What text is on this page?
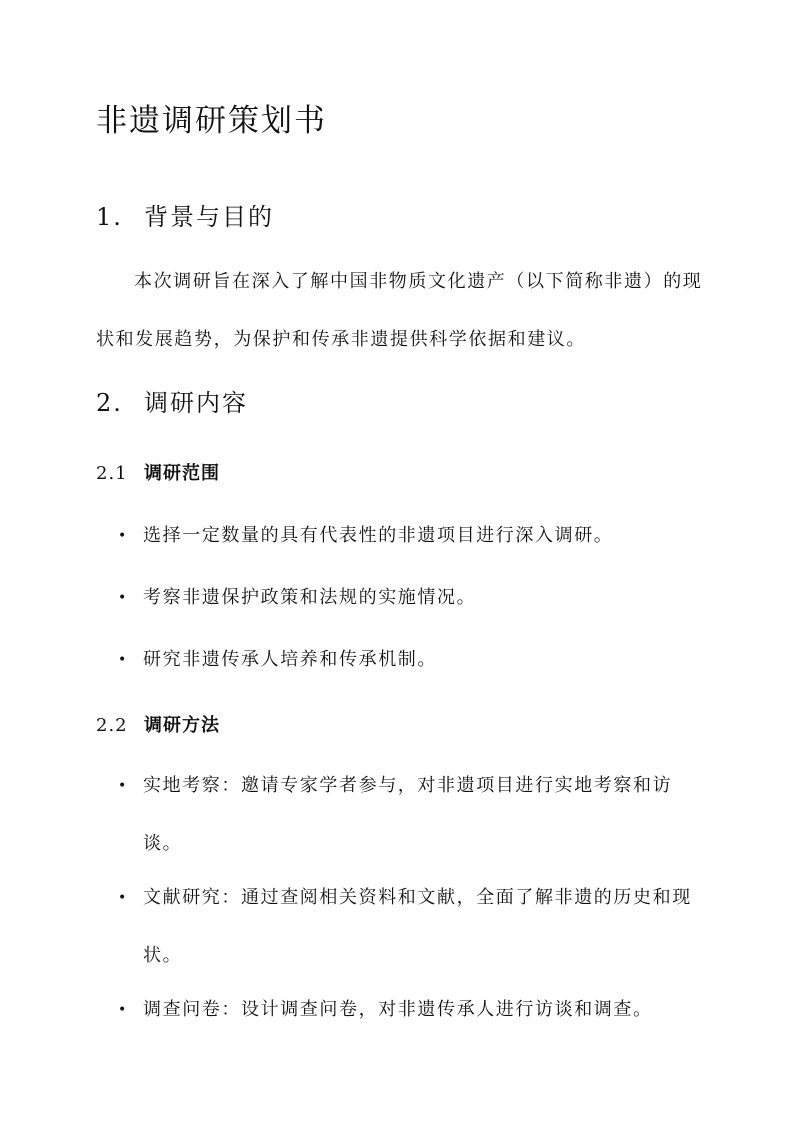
非遗调研策划书
1. 背景与目的

本次调研旨在深入了解中国非物质文化遗产（以下简称非遗）的现状和发展趋势，为保护和传承非遗提供科学依据和建议。

2. 调研内容
2.1 调研范围
• 选择一定数量的具有代表性的非遗项目进行深入调研。
• 考察非遗保护政策和法规的实施情况。
• 研究非遗传承人培养和传承机制。
2.2 调研方法
• 实地考察：邀请专家学者参与，对非遗项目进行实地考察和访谈。
• 文献研究：通过查阅相关资料和文献，全面了解非遗的历史和现状。
• 调查问卷：设计调查问卷，对非遗传承人进行访谈和调查。
